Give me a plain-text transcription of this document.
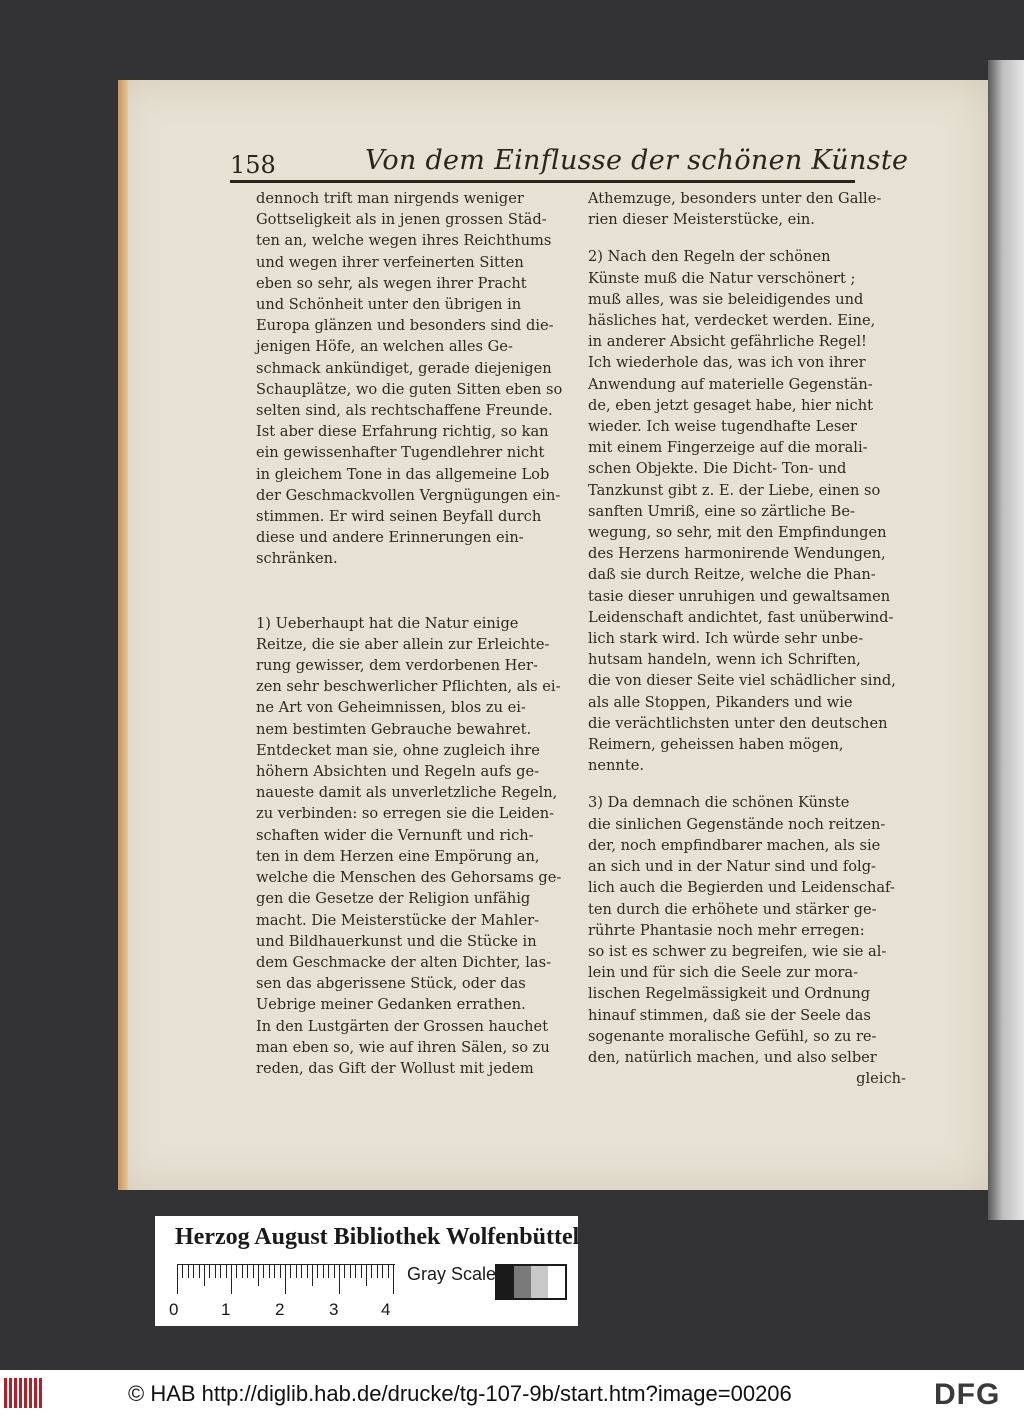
158	Von dem Einflusse der schönen Künste

dennoch trift man nirgends weniger
Gottseligkeit als in jenen grossen Städ-
ten an, welche wegen ihres Reichthums
und wegen ihrer verfeinerten Sitten
eben so sehr, als wegen ihrer Pracht
und Schönheit unter den übrigen in
Europa glänzen und besonders sind die-
jenigen Höfe, an welchen alles Ge-
schmack ankündiget, gerade diejenigen
Schauplätze, wo die guten Sitten eben so
selten sind, als rechtschaffene Freunde.
Ist aber diese Erfahrung richtig, so kan
ein gewissenhafter Tugendlehrer nicht
in gleichem Tone in das allgemeine Lob
der Geschmackvollen Vergnügungen ein-
stimmen. Er wird seinen Beyfall durch
diese und andere Erinnerungen ein-
schränken.

1) Ueberhaupt hat die Natur einige
Reitze, die sie aber allein zur Erleichte-
rung gewisser, dem verdorbenen Her-
zen sehr beschwerlicher Pflichten, als ei-
ne Art von Geheimnissen, blos zu ei-
nem bestimten Gebrauche bewahret.
Entdecket man sie, ohne zugleich ihre
höhern Absichten und Regeln aufs ge-
naueste damit als unverletzliche Regeln,
zu verbinden: so erregen sie die Leiden-
schaften wider die Vernunft und rich-
ten in dem Herzen eine Empörung an,
welche die Menschen des Gehorsams ge-
gen die Gesetze der Religion unfähig
macht. Die Meisterstücke der Mahler-
und Bildhauerkunst und die Stücke in
dem Geschmacke der alten Dichter, las-
sen das abgerissene Stück, oder das
Uebrige meiner Gedanken errathen.
In den Lustgärten der Grossen hauchet
man eben so, wie auf ihren Sälen, so zu
reden, das Gift der Wollust mit jedem

Athemzuge, besonders unter den Galle-
rien dieser Meisterstücke, ein.

2) Nach den Regeln der schönen
Künste muß die Natur verschönert ;
muß alles, was sie beleidigendes und
häsliches hat, verdecket werden. Eine,
in anderer Absicht gefährliche Regel!
Ich wiederhole das, was ich von ihrer
Anwendung auf materielle Gegenstän-
de, eben jetzt gesaget habe, hier nicht
wieder. Ich weise tugendhafte Leser
mit einem Fingerzeige auf die morali-
schen Objekte. Die Dicht- Ton- und
Tanzkunst gibt z. E. der Liebe, einen so
sanften Umriß, eine so zärtliche Be-
wegung, so sehr, mit den Empfindungen
des Herzens harmonirende Wendungen,
daß sie durch Reitze, welche die Phan-
tasie dieser unruhigen und gewaltsamen
Leidenschaft andichtet, fast unüberwind-
lich stark wird. Ich würde sehr unbe-
hutsam handeln, wenn ich Schriften,
die von dieser Seite viel schädlicher sind,
als alle Stoppen, Pikanders und wie
die verächtlichsten unter den deutschen
Reimern, geheissen haben mögen,
nennte.

3) Da demnach die schönen Künste
die sinlichen Gegenstände noch reitzen-
der, noch empfindbarer machen, als sie
an sich und in der Natur sind und folg-
lich auch die Begierden und Leidenschaf-
ten durch die erhöhete und stärker ge-
rührte Phantasie noch mehr erregen:
so ist es schwer zu begreifen, wie sie al-
lein und für sich die Seele zur mora-
lischen Regelmässigkeit und Ordnung
hinauf stimmen, daß sie der Seele das
sogenante moralische Gefühl, so zu re-
den, natürlich machen, und also selber

gleich-

Herzog August Bibliothek Wolfenbüttel
0	1	2	3	4
Gray Scale
© HAB http://diglib.hab.de/drucke/tg-107-9b/start.htm?image=00206	DFG
